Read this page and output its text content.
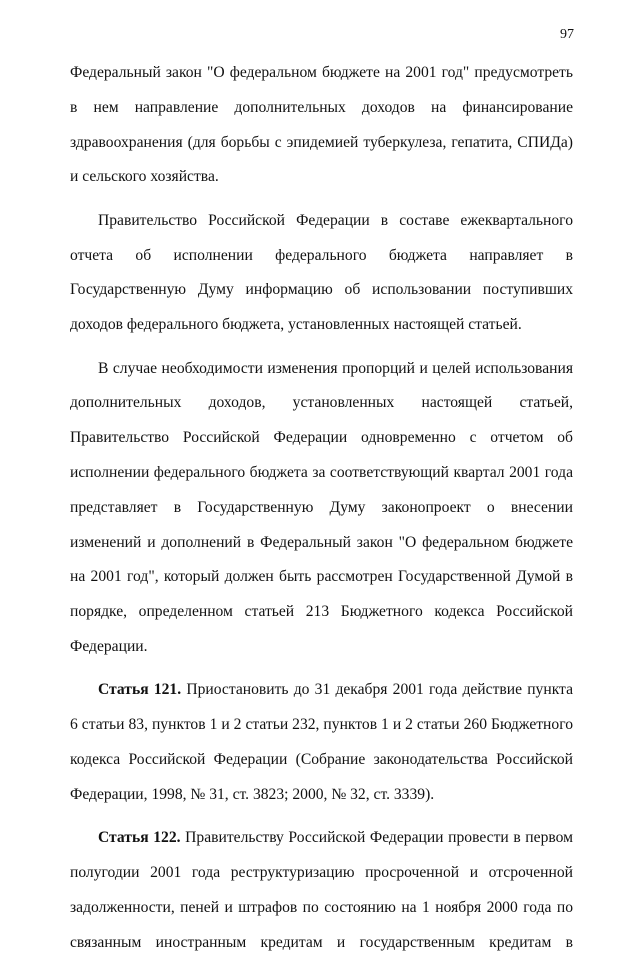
97

Федеральный закон "О федеральном бюджете на 2001 год" предусмотреть в нем направление дополнительных доходов на финансирование здравоохранения (для борьбы с эпидемией туберкулеза, гепатита, СПИДа) и сельского хозяйства.

Правительство Российской Федерации в составе ежеквартального отчета об исполнении федерального бюджета направляет в Государственную Думу информацию об использовании поступивших доходов федерального бюджета, установленных настоящей статьей.

В случае необходимости изменения пропорций и целей использования дополнительных доходов, установленных настоящей статьей, Правительство Российской Федерации одновременно с отчетом об исполнении федерального бюджета за соответствующий квартал 2001 года представляет в Государственную Думу законопроект о внесении изменений и дополнений в Федеральный закон "О федеральном бюджете на 2001 год", который должен быть рассмотрен Государственной Думой в порядке, определенном статьей 213 Бюджетного кодекса Российской Федерации.

Статья 121. Приостановить до 31 декабря 2001 года действие пункта 6 статьи 83, пунктов 1 и 2 статьи 232, пунктов 1 и 2 статьи 260 Бюджетного кодекса Российской Федерации (Собрание законодательства Российской Федерации, 1998, № 31, ст. 3823; 2000, № 32, ст. 3339).

Статья 122. Правительству Российской Федерации провести в первом полугодии 2001 года реструктуризацию просроченной и отсроченной задолженности, пеней и штрафов по состоянию на 1 ноября 2000 года по связанным иностранным кредитам и государственным кредитам в
